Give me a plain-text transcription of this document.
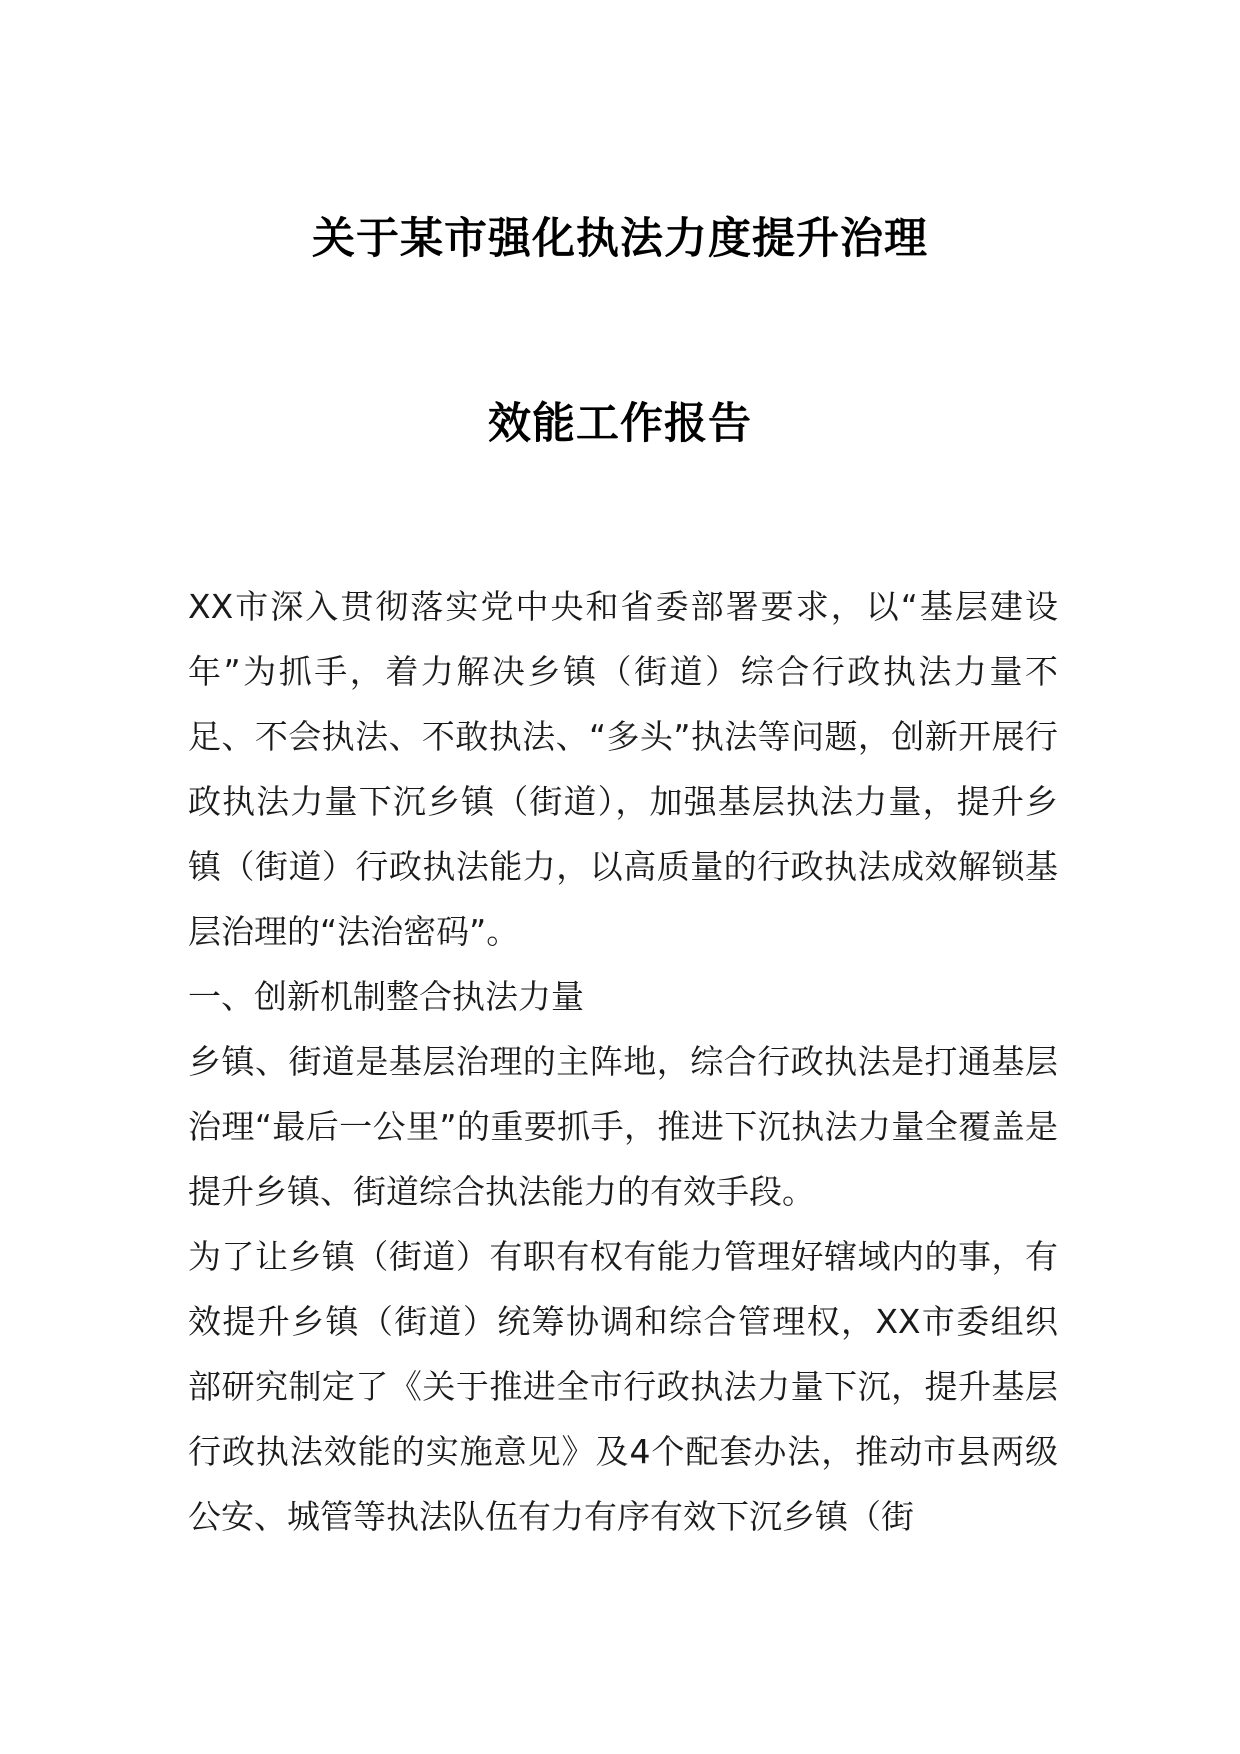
关于某市强化执法力度提升治理
效能工作报告

XX市深入贯彻落实党中央和省委部署要求，以“基层建设年”为抓手，着力解决乡镇（街道）综合行政执法力量不足、不会执法、不敢执法、“多头”执法等问题，创新开展行政执法力量下沉乡镇（街道），加强基层执法力量，提升乡镇（街道）行政执法能力，以高质量的行政执法成效解锁基层治理的“法治密码”。

一、创新机制整合执法力量

乡镇、街道是基层治理的主阵地，综合行政执法是打通基层治理“最后一公里”的重要抓手，推进下沉执法力量全覆盖是提升乡镇、街道综合执法能力的有效手段。

为了让乡镇（街道）有职有权有能力管理好辖域内的事，有效提升乡镇（街道）统筹协调和综合管理权，XX市委组织部研究制定了《关于推进全市行政执法力量下沉，提升基层行政执法效能的实施意见》及4个配套办法，推动市县两级公安、城管等执法队伍有力有序有效下沉乡镇（街
